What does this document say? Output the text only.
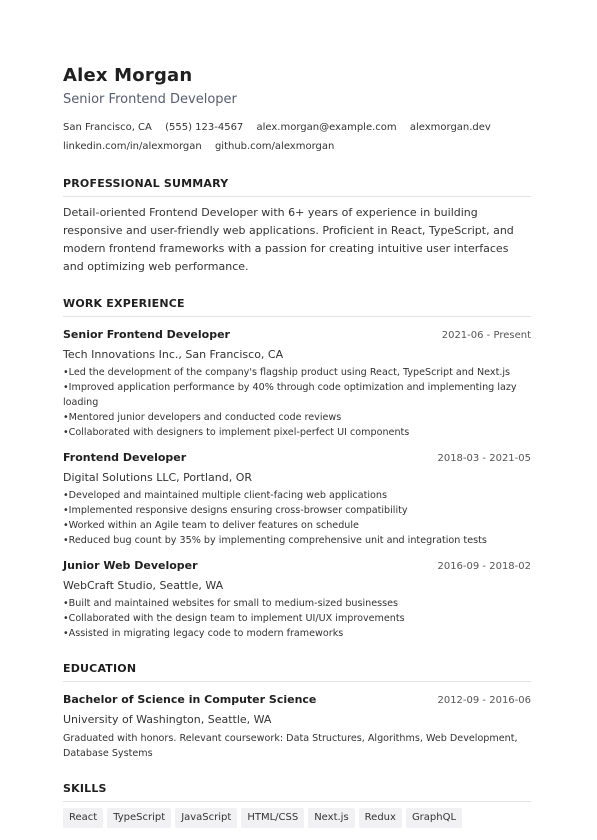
Alex Morgan
Senior Frontend Developer
San Francisco, CA (555) 123-4567 alex.morgan@example.com alexmorgan.dev
linkedin.com/in/alexmorgan github.com/alexmorgan
PROFESSIONAL SUMMARY
Detail-oriented Frontend Developer with 6+ years of experience in building responsive and user-friendly web applications. Proficient in React, TypeScript, and modern frontend frameworks with a passion for creating intuitive user interfaces and optimizing web performance.
WORK EXPERIENCE
Senior Frontend Developer	2021-06 - Present
Tech Innovations Inc., San Francisco, CA
• Led the development of the company's flagship product using React, TypeScript and Next.js
• Improved application performance by 40% through code optimization and implementing lazy loading
• Mentored junior developers and conducted code reviews
• Collaborated with designers to implement pixel-perfect UI components
Frontend Developer	2018-03 - 2021-05
Digital Solutions LLC, Portland, OR
• Developed and maintained multiple client-facing web applications
• Implemented responsive designs ensuring cross-browser compatibility
• Worked within an Agile team to deliver features on schedule
• Reduced bug count by 35% by implementing comprehensive unit and integration tests
Junior Web Developer	2016-09 - 2018-02
WebCraft Studio, Seattle, WA
• Built and maintained websites for small to medium-sized businesses
• Collaborated with the design team to implement UI/UX improvements
• Assisted in migrating legacy code to modern frameworks
EDUCATION
Bachelor of Science in Computer Science	2012-09 - 2016-06
University of Washington, Seattle, WA
Graduated with honors. Relevant coursework: Data Structures, Algorithms, Web Development, Database Systems
SKILLS
React	TypeScript	JavaScript	HTML/CSS	Next.js	Redux	GraphQL
